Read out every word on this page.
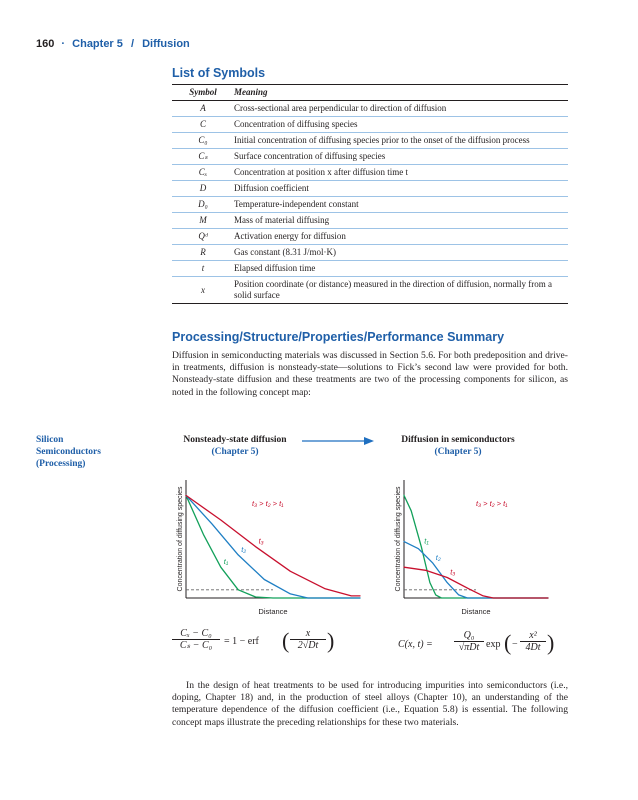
160 · Chapter 5 / Diffusion
List of Symbols
Symbol	Meaning
A	Cross-sectional area perpendicular to direction of diffusion
C	Concentration of diffusing species
C₀	Initial concentration of diffusing species prior to the onset of the diffusion process
Cₛ	Surface concentration of diffusing species
Cₓ	Concentration at position x after diffusion time t
D	Diffusion coefficient
D₀	Temperature-independent constant
M	Mass of material diffusing
Qᵈ	Activation energy for diffusion
R	Gas constant (8.31 J/mol·K)
t	Elapsed diffusion time
x	Position coordinate (or distance) measured in the direction of diffusion, normally from a solid surface
Processing/Structure/Properties/Performance Summary
Diffusion in semiconducting materials was discussed in Section 5.6. For both predeposition and drive-in treatments, diffusion is nonsteady-state—solutions to Fick’s second law were provided for both. Nonsteady-state diffusion and these treatments are two of the processing components for silicon, as noted in the following concept map:
Silicon
Semiconductors
(Processing)
Nonsteady-state diffusion
(Chapter 5)
Diffusion in semiconductors
(Chapter 5)
Distance
Concentration of diffusing species	t₁
t₂
t₃
t₃ > t₂ > t₁
Distance
Concentration of diffusing species	t₁
t₂
t₃
t₃ > t₂ > t₁
$\frac{\text{Cₓ − C₀}}{\text{Cₛ − C₀}} = 1$ − erf ( $\frac{x}{2√Dt}$ )	C(x, t) =
Q₀
√πDt exp ( − $\frac{\text{x²}}{4Dt}$ )
In the design of heat treatments to be used for introducing impurities into semiconductors (i.e., doping, Chapter 18) and, in the production of steel alloys (Chapter 10), an understanding of the temperature dependence of the diffusion coefficient (i.e., Equation 5.8) is essential. The following concept maps illustrate the preceding relationships for these two materials.
